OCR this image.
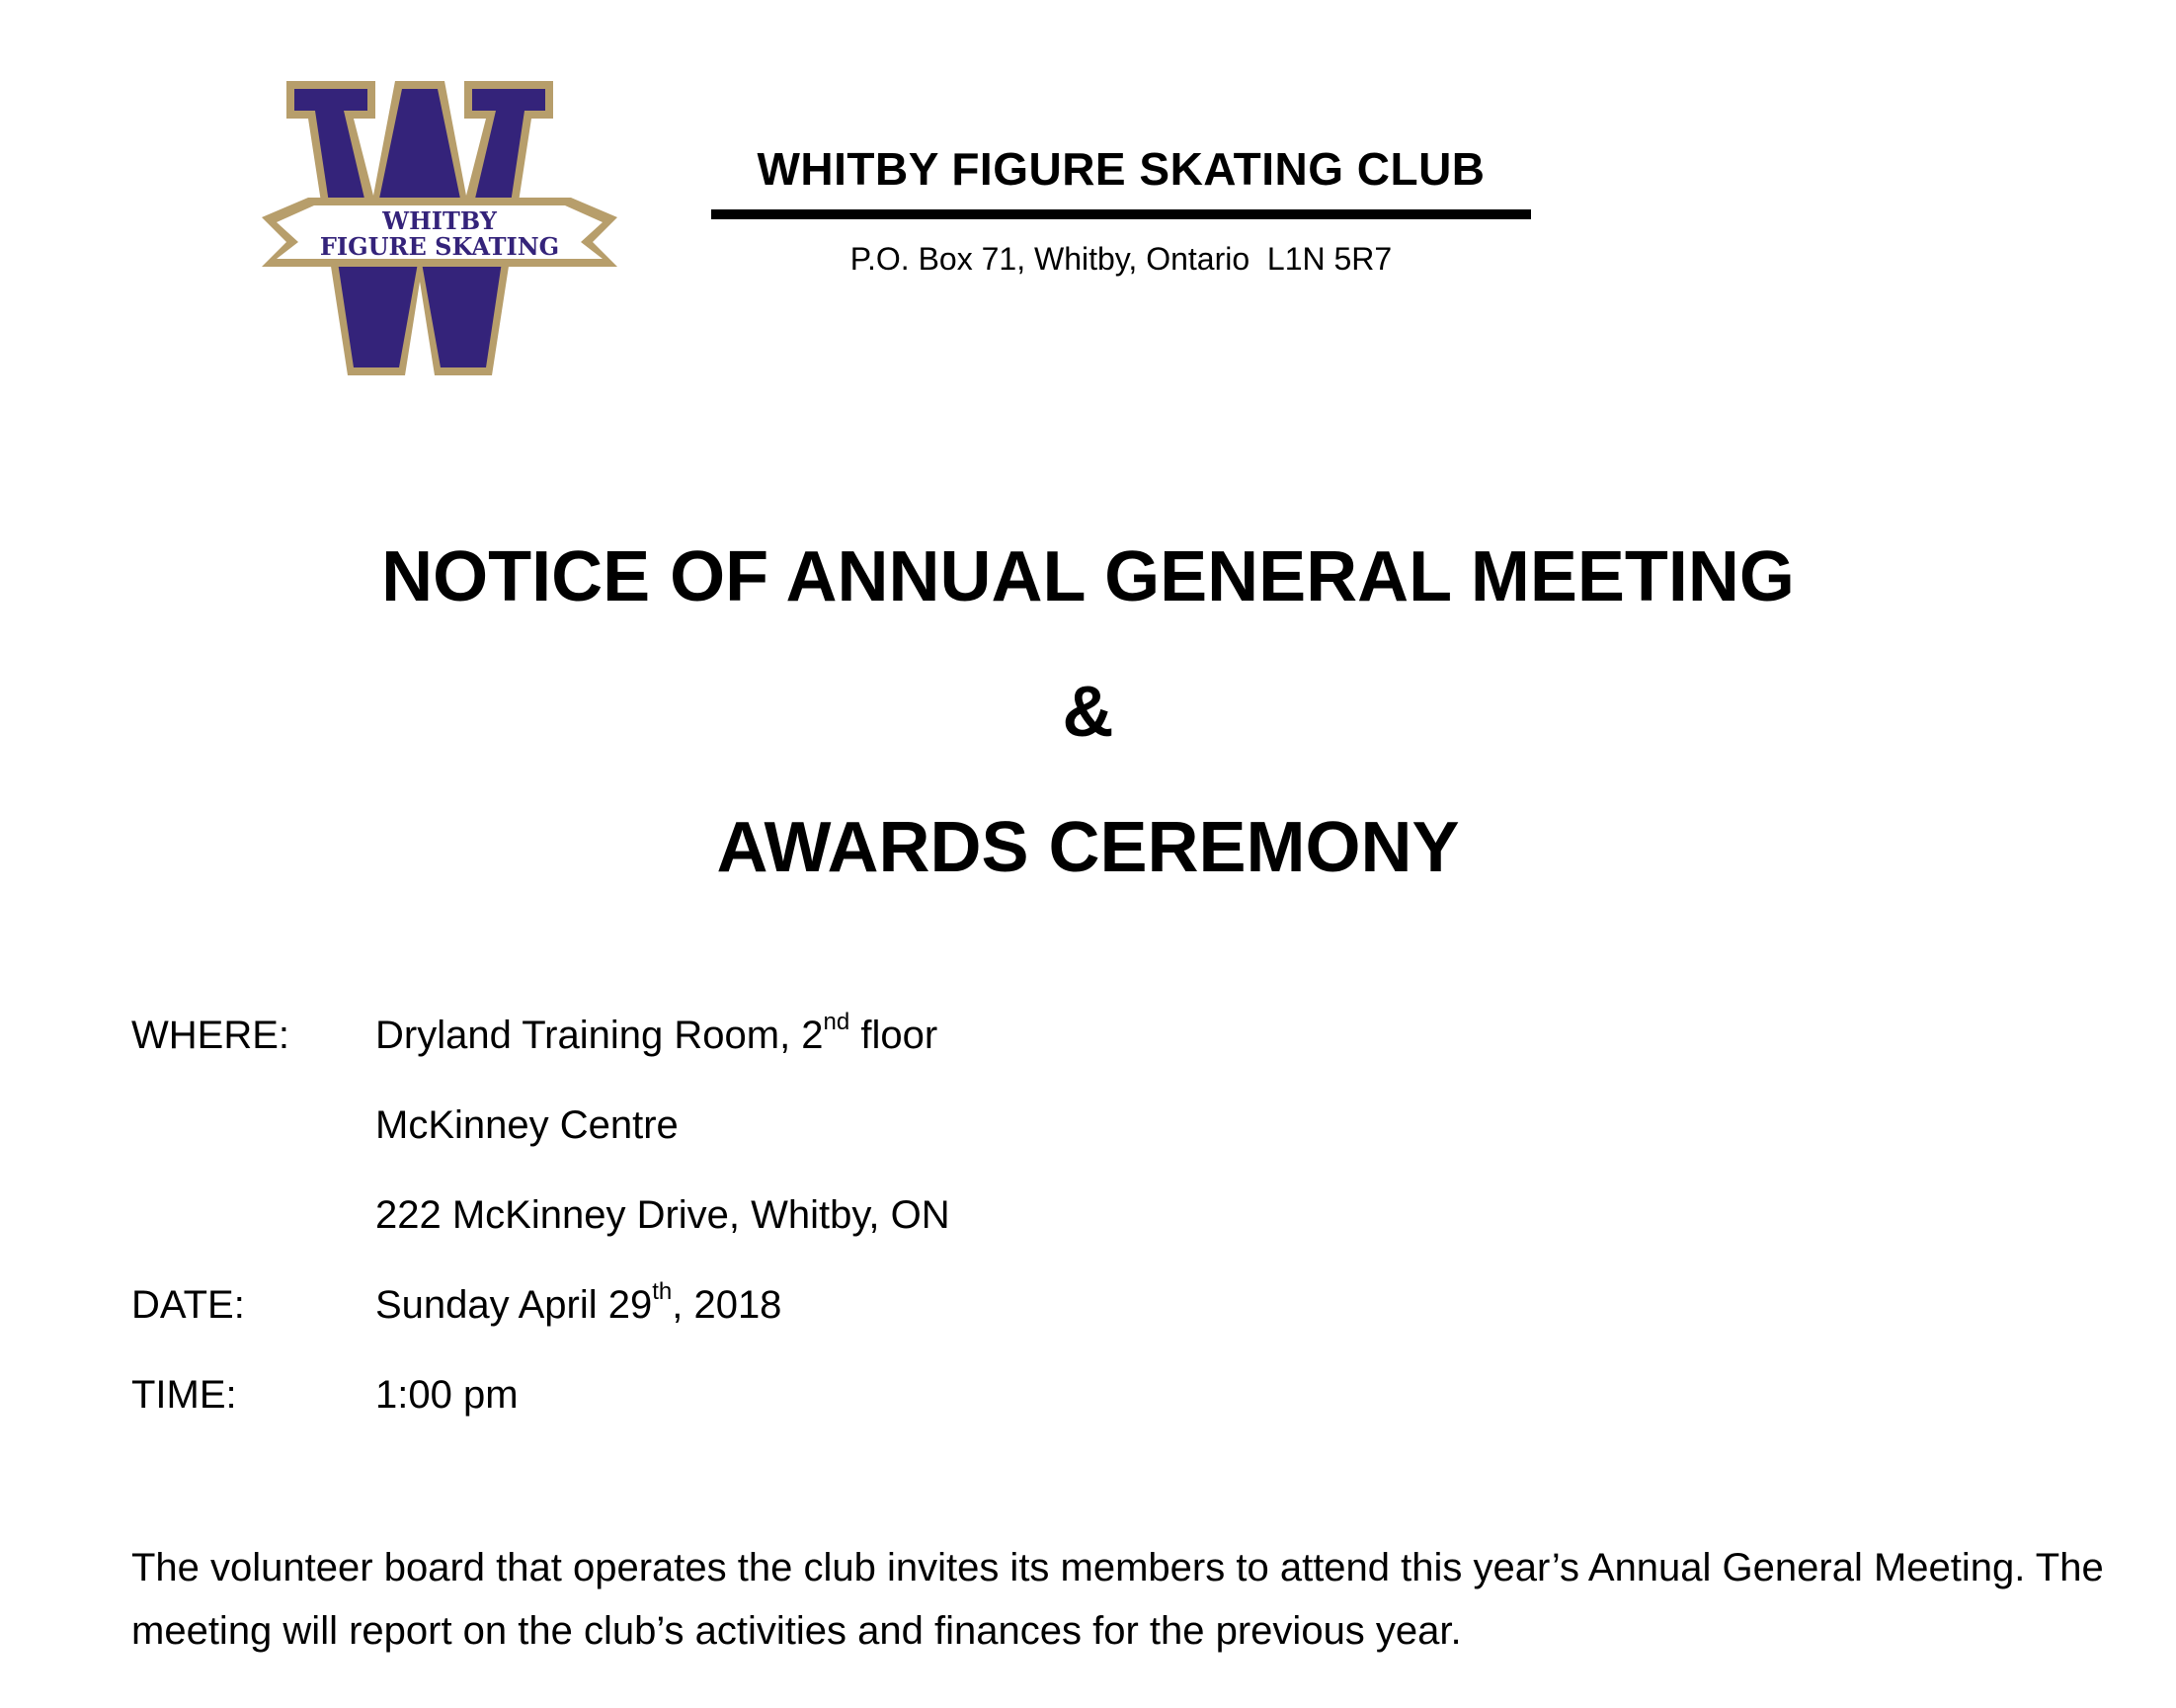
WHITBY
FIGURE SKATING
WHITBY FIGURE SKATING CLUB
P.O. Box 71, Whitby, Ontario  L1N 5R7
NOTICE OF ANNUAL GENERAL MEETING
&
AWARDS CEREMONY
WHERE: Dryland Training Room, 2nd floor
McKinney Centre
222 McKinney Drive, Whitby, ON
DATE:	Sunday April 29th, 2018
TIME:	1:00 pm

The volunteer board that operates the club invites its members to attend this year’s Annual General Meeting. The meeting will report on the club’s activities and finances for the previous year.
